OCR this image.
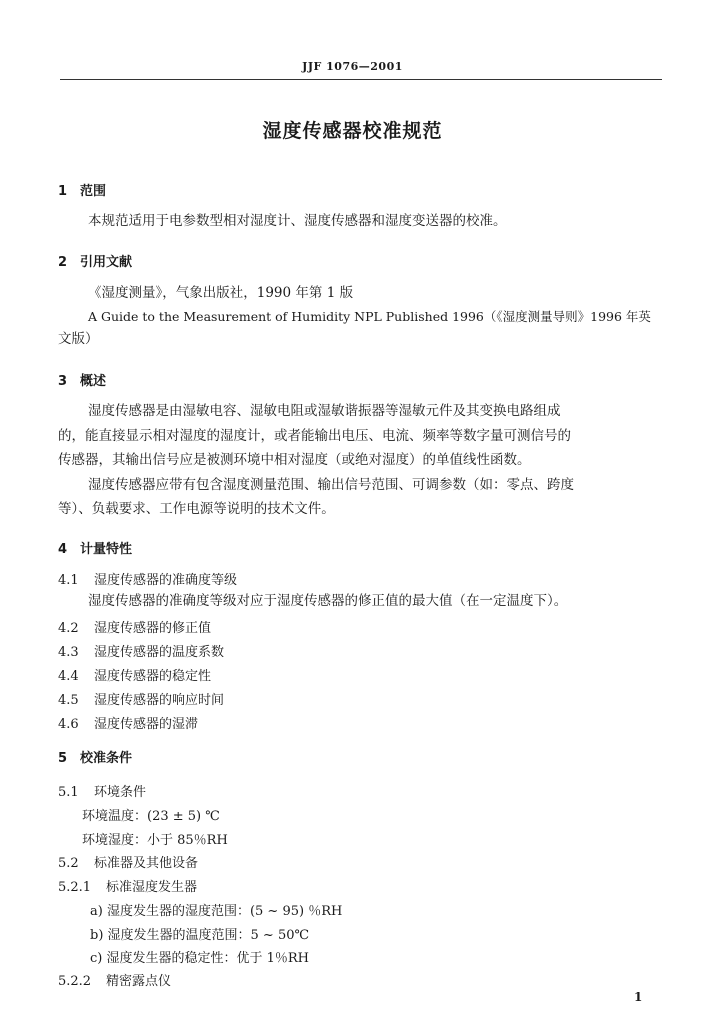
JJF 1076—2001
湿度传感器校准规范
1 范围
本规范适用于电参数型相对湿度计、湿度传感器和湿度变送器的校准。
2 引用文献
《湿度测量》，气象出版社，1990 年第 1 版
A Guide to the Measurement of Humidity NPL Published 1996（《湿度测量导则》1996 年英
文版）
3 概述
湿度传感器是由湿敏电容、湿敏电阻或湿敏谐振器等湿敏元件及其变换电路组成
的，能直接显示相对湿度的湿度计，或者能输出电压、电流、频率等数字量可测信号的
传感器，其输出信号应是被测环境中相对湿度（或绝对湿度）的单值线性函数。
湿度传感器应带有包含湿度测量范围、输出信号范围、可调参数（如：零点、跨度
等）、负载要求、工作电源等说明的技术文件。
4 计量特性
4.1 湿度传感器的准确度等级
湿度传感器的准确度等级对应于湿度传感器的修正值的最大值（在一定温度下）。
4.2 湿度传感器的修正值
4.3 湿度传感器的温度系数
4.4 湿度传感器的稳定性
4.5 湿度传感器的响应时间
4.6 湿度传感器的湿滞
5 校准条件
5.1 环境条件
环境温度：(23 ± 5) ℃
环境湿度：小于 85％RH
5.2 标准器及其他设备
5.2.1 标准湿度发生器
a) 湿度发生器的湿度范围：(5 ~ 95) ％RH
b) 湿度发生器的温度范围：5 ~ 50℃
c) 湿度发生器的稳定性：优于 1％RH
5.2.2 精密露点仪
1
